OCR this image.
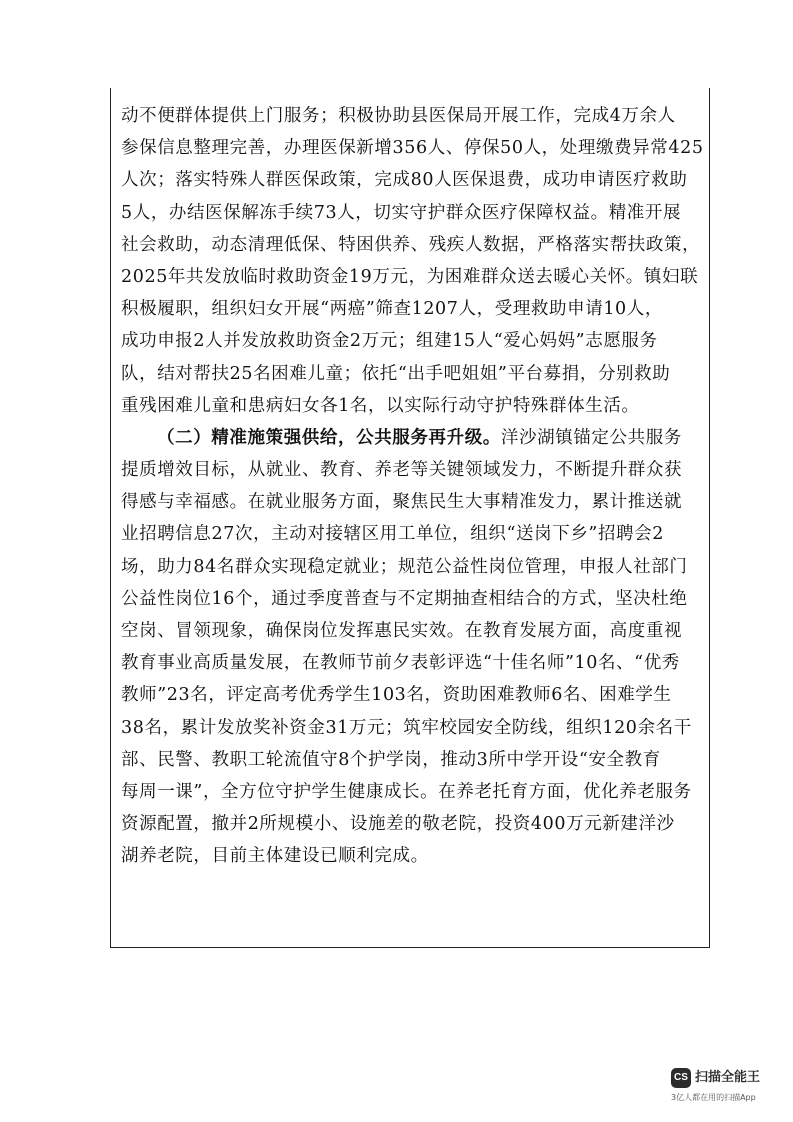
动不便群体提供上门服务；积极协助县医保局开展工作，完成4万余人
参保信息整理完善，办理医保新增356人、停保50人，处理缴费异常425
人次；落实特殊人群医保政策，完成80人医保退费，成功申请医疗救助
5人，办结医保解冻手续73人，切实守护群众医疗保障权益。精准开展
社会救助，动态清理低保、特困供养、残疾人数据，严格落实帮扶政策，
2025年共发放临时救助资金19万元，为困难群众送去暖心关怀。镇妇联
积极履职，组织妇女开展“两癌”筛查1207人，受理救助申请10人，
成功申报2人并发放救助资金2万元；组建15人“爱心妈妈”志愿服务
队，结对帮扶25名困难儿童；依托“出手吧姐姐”平台募捐，分别救助
重残困难儿童和患病妇女各1名，以实际行动守护特殊群体生活。
（二）精准施策强供给，公共服务再升级。洋沙湖镇锚定公共服务
提质增效目标，从就业、教育、养老等关键领域发力，不断提升群众获
得感与幸福感。在就业服务方面，聚焦民生大事精准发力，累计推送就
业招聘信息27次，主动对接辖区用工单位，组织“送岗下乡”招聘会2
场，助力84名群众实现稳定就业；规范公益性岗位管理，申报人社部门
公益性岗位16个，通过季度普查与不定期抽查相结合的方式，坚决杜绝
空岗、冒领现象，确保岗位发挥惠民实效。在教育发展方面，高度重视
教育事业高质量发展，在教师节前夕表彰评选“十佳名师”10名、“优秀
教师”23名，评定高考优秀学生103名，资助困难教师6名、困难学生
38名，累计发放奖补资金31万元；筑牢校园安全防线，组织120余名干
部、民警、教职工轮流值守8个护学岗，推动3所中学开设“安全教育
每周一课”，全方位守护学生健康成长。在养老托育方面，优化养老服务
资源配置，撤并2所规模小、设施差的敬老院，投资400万元新建洋沙
湖养老院，目前主体建设已顺利完成。
CS 扫描全能王
3亿人都在用的扫描App
